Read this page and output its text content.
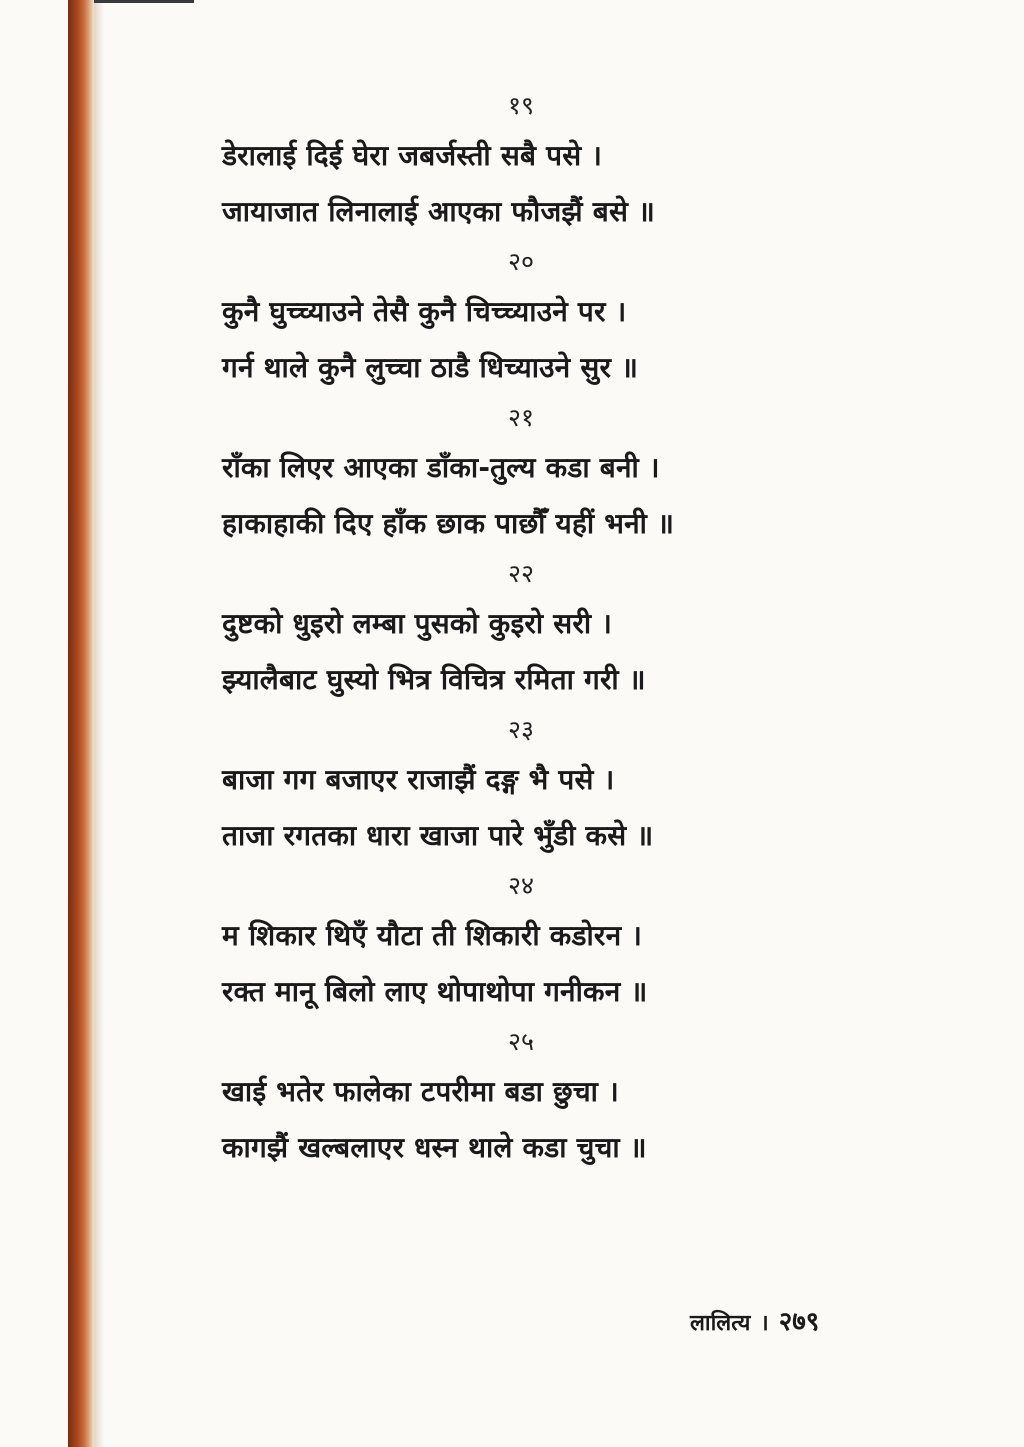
१९
डेरालाई दिई घेरा जबर्जस्ती सबै पसे ।
जायाजात लिनालाई आएका फौजझैं बसे ॥
२०
कुनै घुच्च्याउने तेसै कुनै चिच्च्याउने पर ।
गर्न थाले कुनै लुच्चा ठाडै धिच्याउने सुर ॥
२१
राँका लिएर आएका डाँका-तुल्य कडा बनी ।
हाकाहाकी दिए हाँक छाक पाछौँ यहीं भनी ॥
२२
दुष्टको धुइरो लम्बा पुसको कुइरो सरी ।
झ्यालैबाट घुस्यो भित्र विचित्र रमिता गरी ॥
२३
बाजा गग बजाएर राजाझैं दङ्ग भै पसे ।
ताजा रगतका धारा खाजा पारे भुँडी कसे ॥
२४
म शिकार थिएँ यौटा ती शिकारी कडोरन ।
रक्त मानू बिलो लाए थोपाथोपा गनीकन ॥
२५
खाई भतेर फालेका टपरीमा बडा छुचा ।
कागझैं खल्बलाएर धस्न थाले कडा चुचा ॥
लालित्य । २७९
